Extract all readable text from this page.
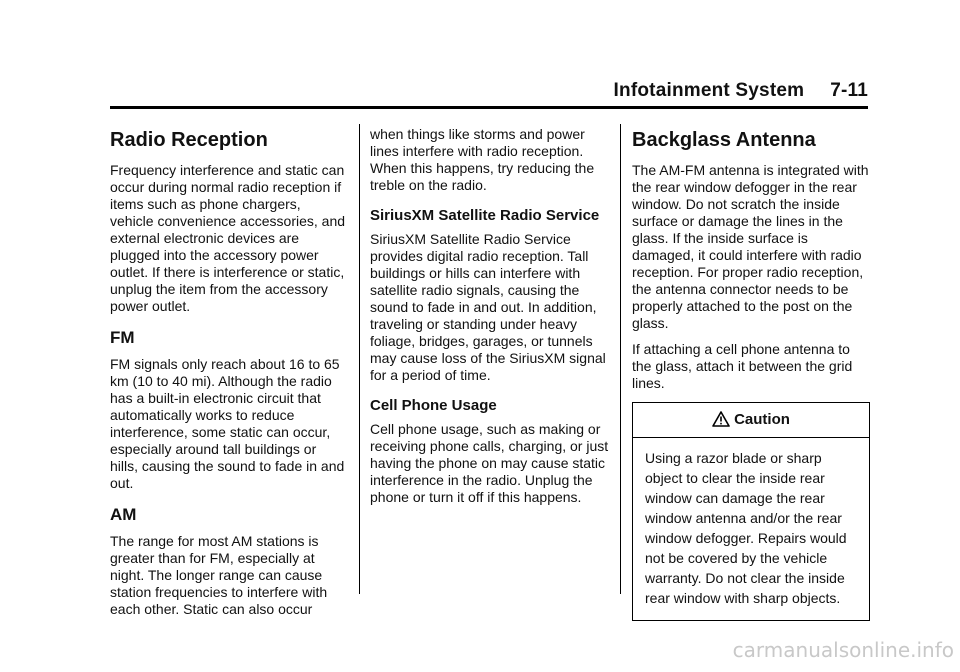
Infotainment System 7-11
Radio Reception

Frequency interference and static can occur during normal radio reception if items such as phone chargers, vehicle convenience accessories, and external electronic devices are plugged into the accessory power outlet. If there is interference or static, unplug the item from the accessory power outlet.

FM

FM signals only reach about 16 to 65 km (10 to 40 mi). Although the radio has a built-in electronic circuit that automatically works to reduce interference, some static can occur, especially around tall buildings or hills, causing the sound to fade in and out.

AM

The range for most AM stations is greater than for FM, especially at night. The longer range can cause station frequencies to interfere with each other. Static can also occur

when things like storms and power lines interfere with radio reception. When this happens, try reducing the treble on the radio.

SiriusXM Satellite Radio Service

SiriusXM Satellite Radio Service provides digital radio reception. Tall buildings or hills can interfere with satellite radio signals, causing the sound to fade in and out. In addition, traveling or standing under heavy foliage, bridges, garages, or tunnels may cause loss of the SiriusXM signal for a period of time.

Cell Phone Usage

Cell phone usage, such as making or receiving phone calls, charging, or just having the phone on may cause static interference in the radio. Unplug the phone or turn it off if this happens.

Backglass Antenna

The AM-FM antenna is integrated with the rear window defogger in the rear window. Do not scratch the inside surface or damage the lines in the glass. If the inside surface is damaged, it could interfere with radio reception. For proper radio reception, the antenna connector needs to be properly attached to the post on the glass.

If attaching a cell phone antenna to the glass, attach it between the grid lines.

Caution
Using a razor blade or sharp object to clear the inside rear window can damage the rear window antenna and/or the rear window defogger. Repairs would not be covered by the vehicle warranty. Do not clear the inside rear window with sharp objects.
carmanualsonline.info
